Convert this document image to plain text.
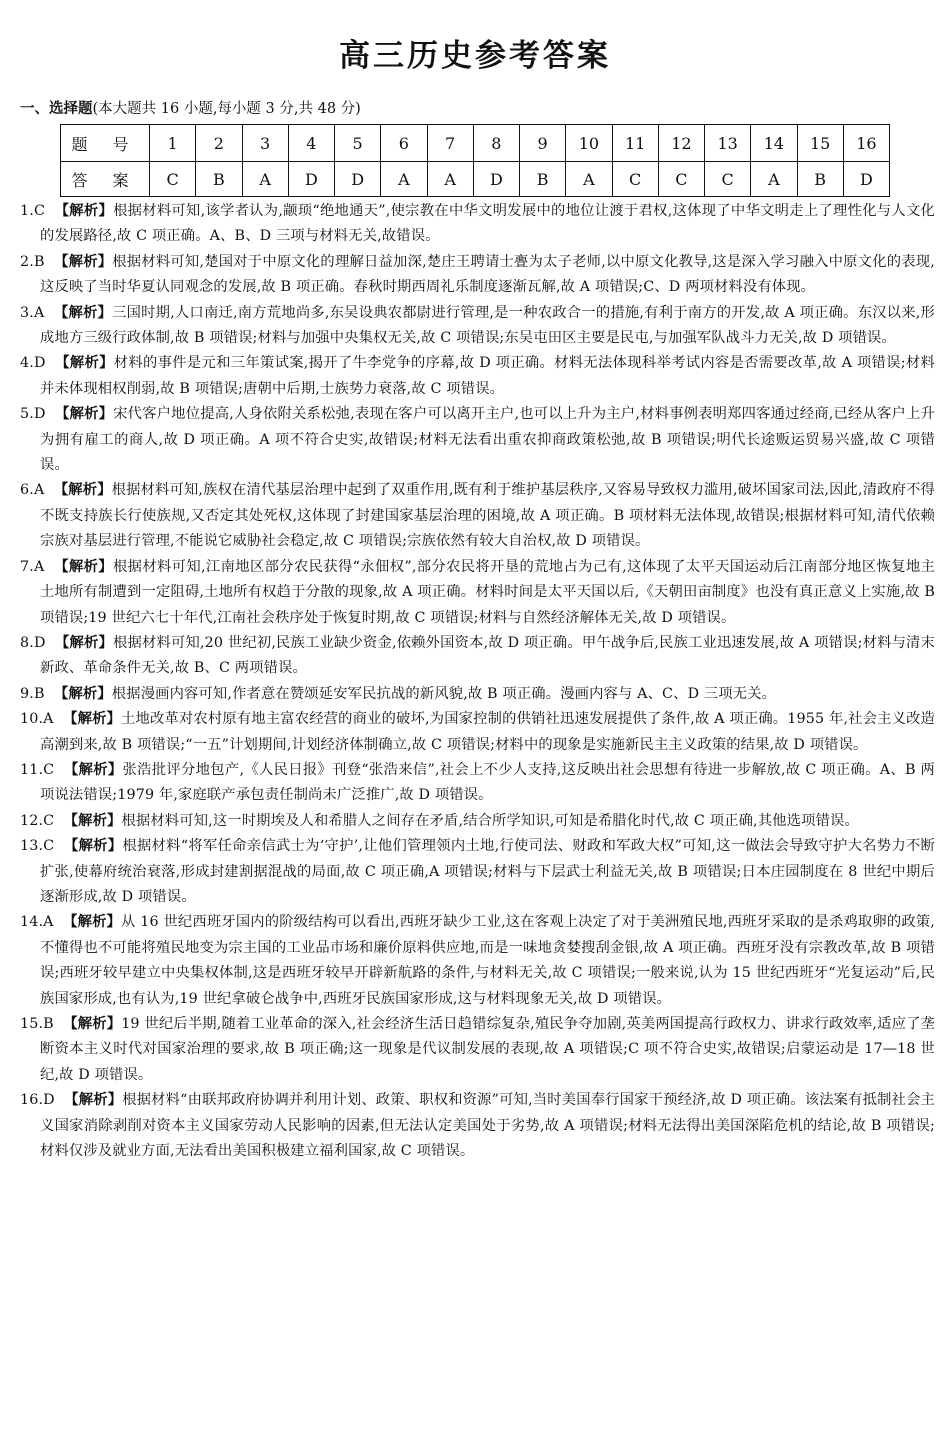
高三历史参考答案
一、选择题(本大题共 16 小题,每小题 3 分,共 48 分)
题 号	1	2	3	4	5	6	7	8	9	10	11	12	13	14	15	16
答 案	C	B	A	D	D	A	A	D	B	A	C	C	C	A	B	D
1.C 【解析】根据材料可知,该学者认为,颛顼“绝地通天”,使宗教在中华文明发展中的地位让渡于君权,这体现了中华文明走上了理性化与人文化的发展路径,故 C 项正确。A、B、D 三项与材料无关,故错误。
2.B 【解析】根据材料可知,楚国对于中原文化的理解日益加深,楚庄王聘请士亹为太子老师,以中原文化教导,这是深入学习融入中原文化的表现,这反映了当时华夏认同观念的发展,故 B 项正确。春秋时期西周礼乐制度逐渐瓦解,故 A 项错误;C、D 两项材料没有体现。
3.A 【解析】三国时期,人口南迁,南方荒地尚多,东吴设典农都尉进行管理,是一种农政合一的措施,有利于南方的开发,故 A 项正确。东汉以来,形成地方三级行政体制,故 B 项错误;材料与加强中央集权无关,故 C 项错误;东吴屯田区主要是民屯,与加强军队战斗力无关,故 D 项错误。
4.D 【解析】材料的事件是元和三年策试案,揭开了牛李党争的序幕,故 D 项正确。材料无法体现科举考试内容是否需要改革,故 A 项错误;材料并未体现相权削弱,故 B 项错误;唐朝中后期,士族势力衰落,故 C 项错误。
5.D 【解析】宋代客户地位提高,人身依附关系松弛,表现在客户可以离开主户,也可以上升为主户,材料事例表明郑四客通过经商,已经从客户上升为拥有雇工的商人,故 D 项正确。A 项不符合史实,故错误;材料无法看出重农抑商政策松弛,故 B 项错误;明代长途贩运贸易兴盛,故 C 项错误。
6.A 【解析】根据材料可知,族权在清代基层治理中起到了双重作用,既有利于维护基层秩序,又容易导致权力滥用,破坏国家司法,因此,清政府不得不既支持族长行使族规,又否定其处死权,这体现了封建国家基层治理的困境,故 A 项正确。B 项材料无法体现,故错误;根据材料可知,清代依赖宗族对基层进行管理,不能说它威胁社会稳定,故 C 项错误;宗族依然有较大自治权,故 D 项错误。
7.A 【解析】根据材料可知,江南地区部分农民获得“永佃权”,部分农民将开垦的荒地占为己有,这体现了太平天国运动后江南部分地区恢复地主土地所有制遭到一定阻碍,土地所有权趋于分散的现象,故 A 项正确。材料时间是太平天国以后,《天朝田亩制度》也没有真正意义上实施,故 B 项错误;19 世纪六七十年代,江南社会秩序处于恢复时期,故 C 项错误;材料与自然经济解体无关,故 D 项错误。
8.D 【解析】根据材料可知,20 世纪初,民族工业缺少资金,依赖外国资本,故 D 项正确。甲午战争后,民族工业迅速发展,故 A 项错误;材料与清末新政、革命条件无关,故 B、C 两项错误。
9.B 【解析】根据漫画内容可知,作者意在赞颂延安军民抗战的新风貌,故 B 项正确。漫画内容与 A、C、D 三项无关。
10.A 【解析】土地改革对农村原有地主富农经营的商业的破坏,为国家控制的供销社迅速发展提供了条件,故 A 项正确。1955 年,社会主义改造高潮到来,故 B 项错误;“一五”计划期间,计划经济体制确立,故 C 项错误;材料中的现象是实施新民主主义政策的结果,故 D 项错误。
11.C 【解析】张浩批评分地包产,《人民日报》刊登“张浩来信”,社会上不少人支持,这反映出社会思想有待进一步解放,故 C 项正确。A、B 两项说法错误;1979 年,家庭联产承包责任制尚未广泛推广,故 D 项错误。
12.C 【解析】根据材料可知,这一时期埃及人和希腊人之间存在矛盾,结合所学知识,可知是希腊化时代,故 C 项正确,其他选项错误。
13.C 【解析】根据材料“将军任命亲信武士为‘守护’,让他们管理领内土地,行使司法、财政和军政大权”可知,这一做法会导致守护大名势力不断扩张,使幕府统治衰落,形成封建割据混战的局面,故 C 项正确,A 项错误;材料与下层武士利益无关,故 B 项错误;日本庄园制度在 8 世纪中期后逐渐形成,故 D 项错误。
14.A 【解析】从 16 世纪西班牙国内的阶级结构可以看出,西班牙缺少工业,这在客观上决定了对于美洲殖民地,西班牙采取的是杀鸡取卵的政策,不懂得也不可能将殖民地变为宗主国的工业品市场和廉价原料供应地,而是一味地贪婪搜刮金银,故 A 项正确。西班牙没有宗教改革,故 B 项错误;西班牙较早建立中央集权体制,这是西班牙较早开辟新航路的条件,与材料无关,故 C 项错误;一般来说,认为 15 世纪西班牙“光复运动”后,民族国家形成,也有认为,19 世纪拿破仑战争中,西班牙民族国家形成,这与材料现象无关,故 D 项错误。
15.B 【解析】19 世纪后半期,随着工业革命的深入,社会经济生活日趋错综复杂,殖民争夺加剧,英美两国提高行政权力、讲求行政效率,适应了垄断资本主义时代对国家治理的要求,故 B 项正确;这一现象是代议制发展的表现,故 A 项错误;C 项不符合史实,故错误;启蒙运动是 17—18 世纪,故 D 项错误。
16.D 【解析】根据材料“由联邦政府协调并利用计划、政策、职权和资源”可知,当时美国奉行国家干预经济,故 D 项正确。该法案有抵制社会主义国家消除剥削对资本主义国家劳动人民影响的因素,但无法认定美国处于劣势,故 A 项错误;材料无法得出美国深陷危机的结论,故 B 项错误;材料仅涉及就业方面,无法看出美国积极建立福利国家,故 C 项错误。
